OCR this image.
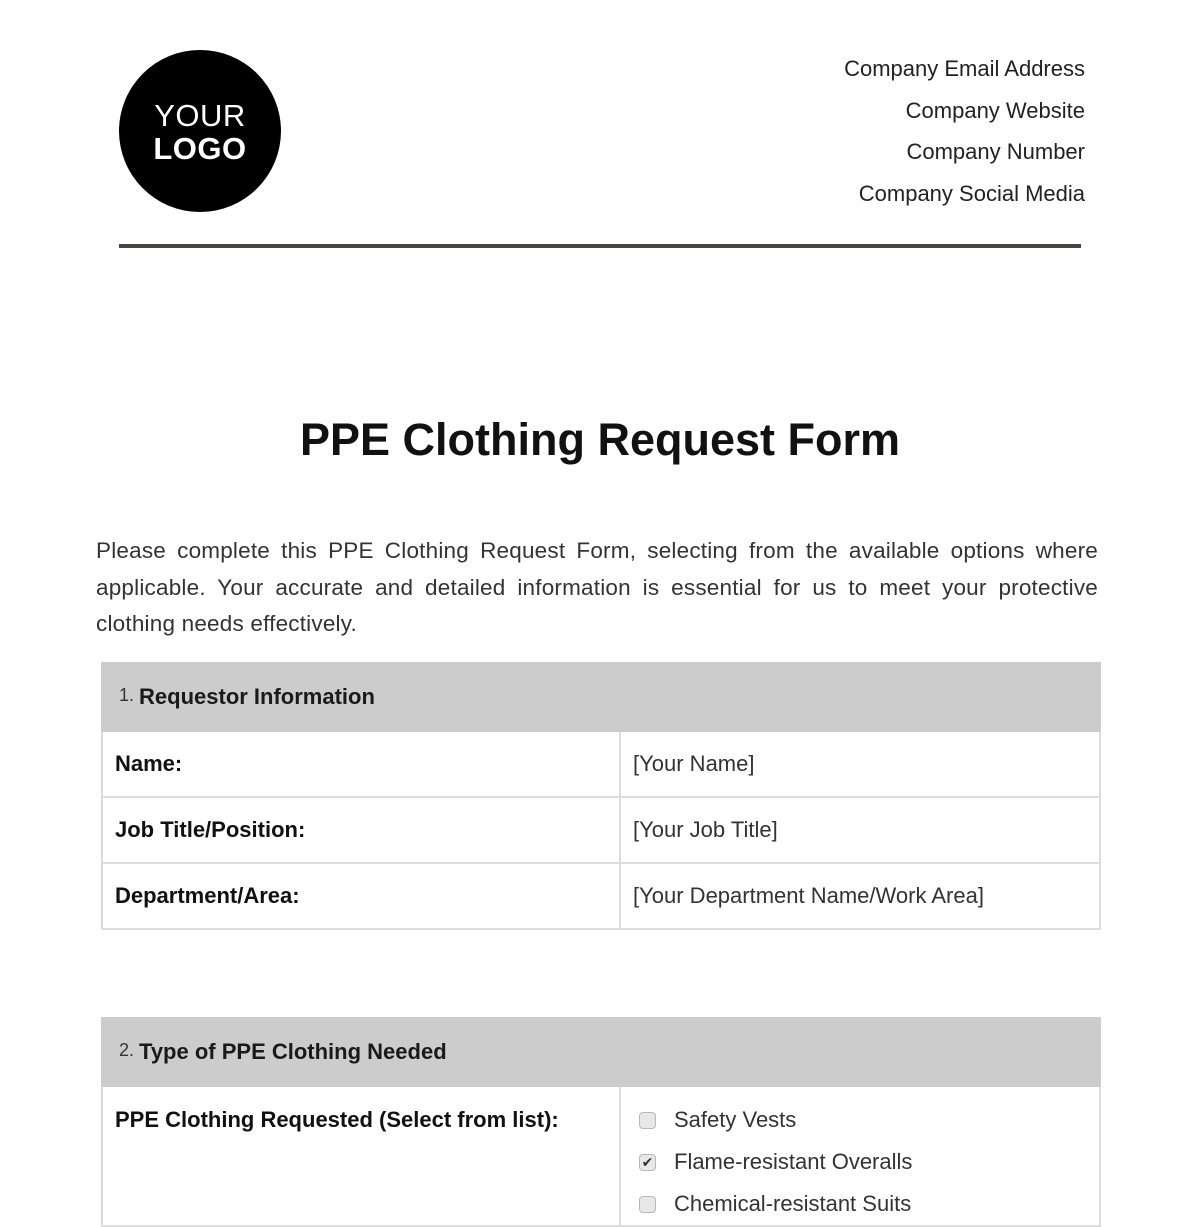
YOUR
LOGO
Company Email Address
Company Website
Company Number
Company Social Media
PPE Clothing Request Form
Please complete this PPE Clothing Request Form, selecting from the available options where applicable. Your accurate and detailed information is essential for us to meet your protective clothing needs effectively.
1. Requestor Information	
Name:	[Your Name]
Job Title/Position:	[Your Job Title]
Department/Area:	[Your Department Name/Work Area]
2. Type of PPE Clothing Needed
PPE Clothing Requested (Select from list):	Safety Vests
✔ Flame-resistant Overalls
Chemical-resistant Suits
